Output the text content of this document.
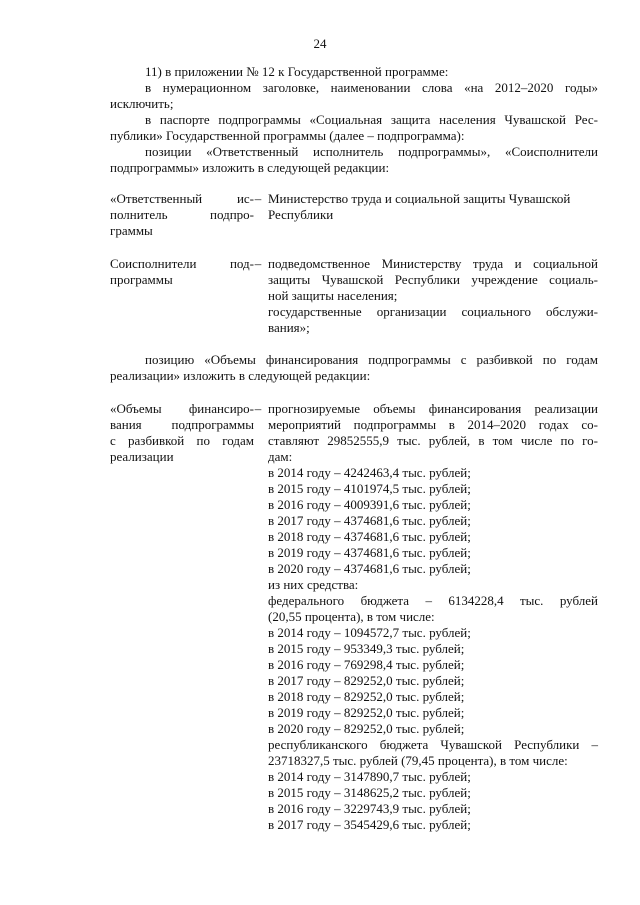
24
11) в приложении № 12 к Государственной программе:
в нумерационном заголовке, наименовании слова «на 2012–2020 годы»
исключить;
в паспорте подпрограммы «Социальная защита населения Чувашской Рес-
публики» Государственной программы (далее – подпрограмма):
позиции «Ответственный исполнитель подпрограммы», «Соисполнители
подпрограммы» изложить в следующей редакции:
«Ответственный ис-
полнитель подпро-
граммы
– Министерство труда и социальной защиты Чувашской
Республики
Соисполнители под-
программы
– подведомственное Министерству труда и социальной
защиты Чувашской Республики учреждение социаль-
ной защиты населения;
государственные организации социального обслужи-
вания»;
позицию «Объемы финансирования подпрограммы с разбивкой по годам
реализации» изложить в следующей редакции:
«Объемы финансиро-
вания подпрограммы
с разбивкой по годам
реализации
– прогнозируемые объемы финансирования реализации
мероприятий подпрограммы в 2014–2020 годах со-
ставляют 29852555,9 тыс. рублей, в том числе по го-
дам:
в 2014 году – 4242463,4 тыс. рублей;
в 2015 году – 4101974,5 тыс. рублей;
в 2016 году – 4009391,6 тыс. рублей;
в 2017 году – 4374681,6 тыс. рублей;
в 2018 году – 4374681,6 тыс. рублей;
в 2019 году – 4374681,6 тыс. рублей;
в 2020 году – 4374681,6 тыс. рублей;
из них средства:
федерального бюджета – 6134228,4 тыс. рублей
(20,55 процента), в том числе:
в 2014 году – 1094572,7 тыс. рублей;
в 2015 году – 953349,3 тыс. рублей;
в 2016 году – 769298,4 тыс. рублей;
в 2017 году – 829252,0 тыс. рублей;
в 2018 году – 829252,0 тыс. рублей;
в 2019 году – 829252,0 тыс. рублей;
в 2020 году – 829252,0 тыс. рублей;
республиканского бюджета Чувашской Республики –
23718327,5 тыс. рублей (79,45 процента), в том числе:
в 2014 году – 3147890,7 тыс. рублей;
в 2015 году – 3148625,2 тыс. рублей;
в 2016 году – 3229743,9 тыс. рублей;
в 2017 году – 3545429,6 тыс. рублей;
